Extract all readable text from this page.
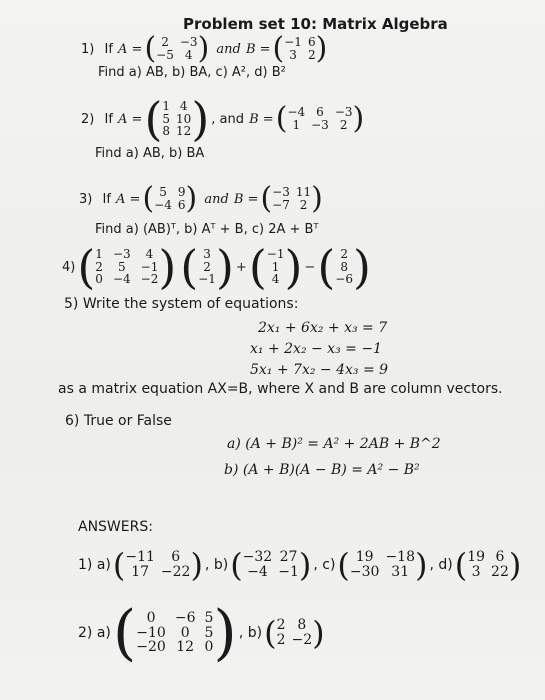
Problem set 10: Matrix Algebra
1)
If
A = ( 2 −3
−5 4 )
and
B = ( −1 6
3 2 )
Find a) AB, b) BA, c) A², d) B²
2)
If
A = ( 1 4
5 10
8 12 ) , and
B = ( −4 6 −3
1 −3 2 )
Find a) AB, b) BA
3)
If
A = ( 5 9
−4 6 )
and
B = ( −3 11
−7 2 )
Find a) (AB)ᵀ, b) Aᵀ + B, c) 2A + Bᵀ
4) ( 1 −3	4
2	5	−1
0 −4 −2 ) ( 3
2
−1 ) + ( −1
1
4 ) − ( 2
8
−6 )
5) Write the system of equations:
2x₁ + 6x₂ + x₃ = 7
x₁ + 2x₂ − x₃ = −1
5x₁ + 7x₂ − 4x₃ = 9
as a matrix equation AX=B, where X and B are column vectors.
6) True or False
a) (A + B)² = A² + 2AB + B^2
b) (A + B)(A − B) = A² − B²
ANSWERS:
1) a) ( −11	6
17 −22 ) , b) ( −32 27
−4 −1 ) , c) ( 19 −18
−30 31 ) , d) ( 19 6
3 22 )
2) a) ( 0	−6 5
−10	0	5
−20 12 0 ) , b) ( 2 8
2 −2 )
